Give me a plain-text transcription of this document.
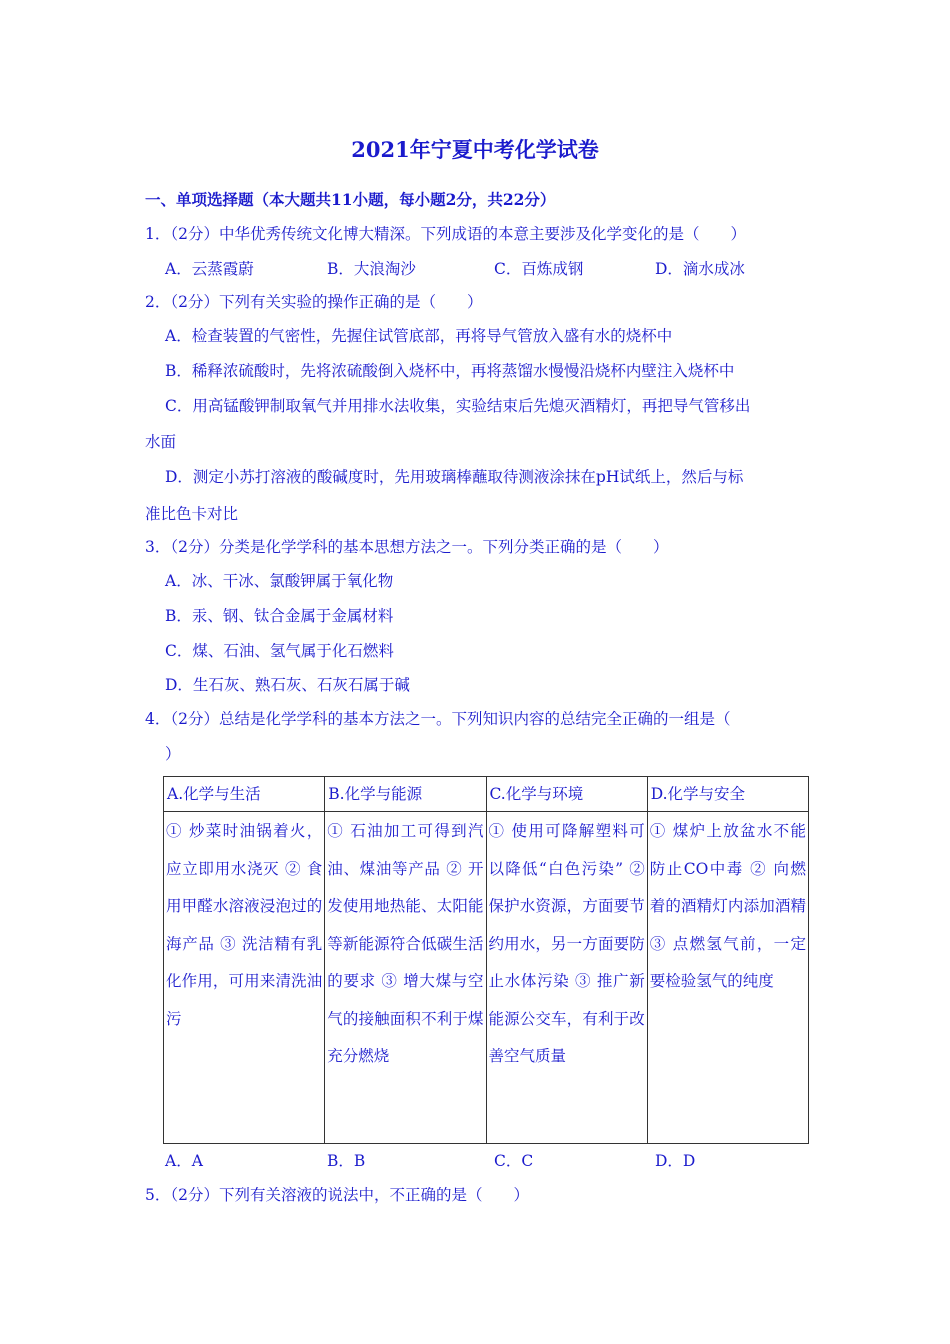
2021年宁夏中考化学试卷
一、单项选择题（本大题共11小题，每小题2分，共22分）
1．（2分）中华优秀传统文化博大精深。下列成语的本意主要涉及化学变化的是（　　）
A．云蒸霞蔚	B．大浪淘沙	C．百炼成钢	D．滴水成冰
2．（2分）下列有关实验的操作正确的是（　　）
A．检查装置的气密性，先握住试管底部，再将导气管放入盛有水的烧杯中
B．稀释浓硫酸时，先将浓硫酸倒入烧杯中，再将蒸馏水慢慢沿烧杯内壁注入烧杯中
C．用高锰酸钾制取氧气并用排水法收集，实验结束后先熄灭酒精灯，再把导气管移出
水面
D．测定小苏打溶液的酸碱度时，先用玻璃棒蘸取待测液涂抹在pH试纸上，然后与标
准比色卡对比
3．（2分）分类是化学学科的基本思想方法之一。下列分类正确的是（　　）
A．冰、干冰、氯酸钾属于氧化物
B．汞、钢、钛合金属于金属材料
C．煤、石油、氢气属于化石燃料
D．生石灰、熟石灰、石灰石属于碱
4．（2分）总结是化学学科的基本方法之一。下列知识内容的总结完全正确的一组是（
）
A.化学与生活	B.化学与能源	C.化学与环境	D.化学与安全
① 炒菜时油锅着火，应立即用水浇灭 ② 食用甲醛水溶液浸泡过的海产品 ③ 洗洁精有乳化作用，可用来清洗油污	① 石油加工可得到汽油、煤油等产品 ② 开发使用地热能、太阳能等新能源符合低碳生活的要求 ③ 增大煤与空气的接触面积不利于煤充分燃烧	① 使用可降解塑料可以降低“白色污染” ② 保护水资源，方面要节约用水，另一方面要防止水体污染 ③ 推广新能源公交车，有利于改善空气质量	① 煤炉上放盆水不能防止CO中毒 ② 向燃着的酒精灯内添加酒精 ③ 点燃氢气前，一定要检验氢气的纯度
A．A	B．B	C．C	D．D
5．（2分）下列有关溶液的说法中，不正确的是（　　）
